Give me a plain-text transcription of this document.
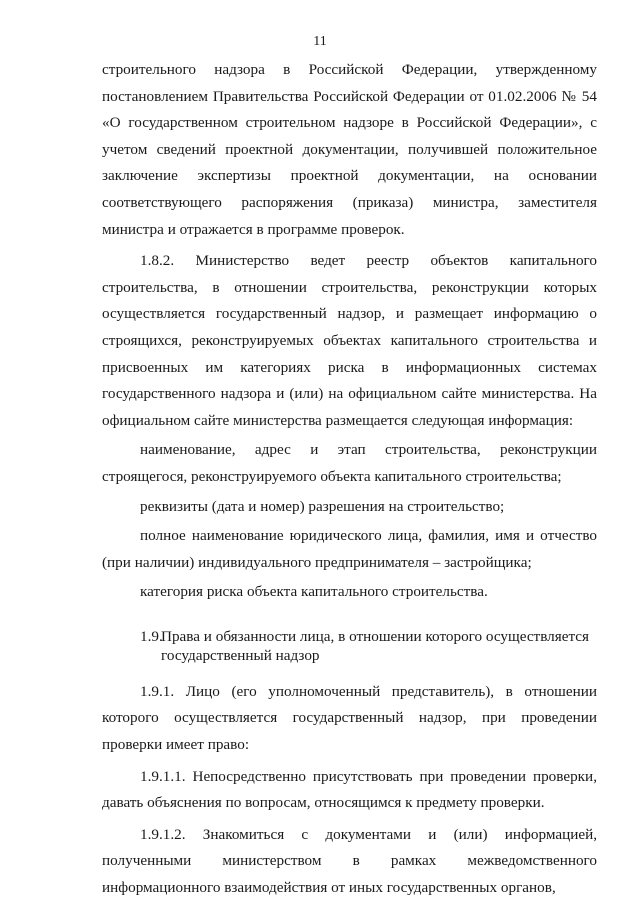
11

строительного надзора в Российской Федерации, утвержденному постановлением Правительства Российской Федерации от 01.02.2006 № 54 «О государственном строительном надзоре в Российской Федерации», с учетом сведений проектной документации, получившей положительное заключение экспертизы проектной документации, на основании соответствующего распоряжения (приказа) министра, заместителя министра и отражается в программе проверок.

1.8.2. Министерство ведет реестр объектов капитального строительства, в отношении строительства, реконструкции которых осуществляется государственный надзор, и размещает информацию о строящихся, реконструируемых объектах капитального строительства и присвоенных им категориях риска в информационных системах государственного надзора и (или) на официальном сайте министерства. На официальном сайте министерства размещается следующая информация:

наименование, адрес и этап строительства, реконструкции строящегося, реконструируемого объекта капитального строительства;

реквизиты (дата и номер) разрешения на строительство;

полное наименование юридического лица, фамилия, имя и отчество (при наличии) индивидуального предпринимателя – застройщика;

категория риска объекта капитального строительства.

1.9.Права и обязанности лица, в отношении которого осуществляется
государственный надзор

1.9.1. Лицо (его уполномоченный представитель), в отношении которого осуществляется государственный надзор, при проведении проверки имеет право:

1.9.1.1. Непосредственно присутствовать при проведении проверки, давать объяснения по вопросам, относящимся к предмету проверки.

1.9.1.2. Знакомиться с документами и (или) информацией, полученными министерством в рамках межведомственного информационного взаимодействия от иных государственных органов,
